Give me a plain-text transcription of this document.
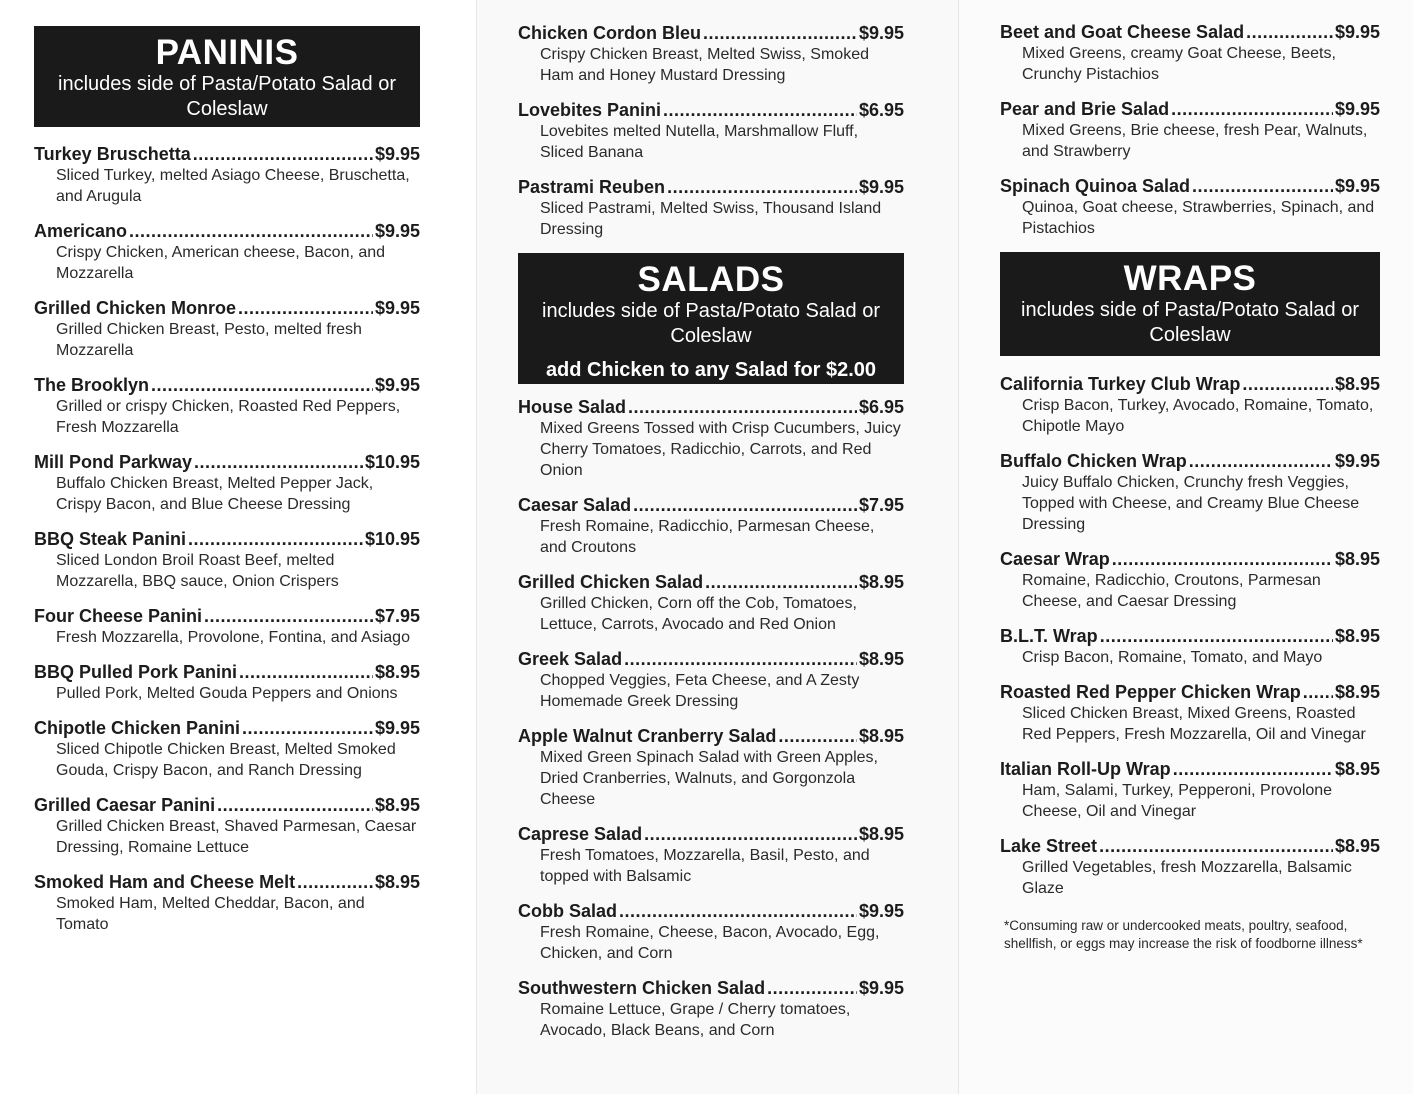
PANINIS
includes side of Pasta/Potato Salad or Coleslaw
Turkey Bruschetta .....	$9.95
Sliced Turkey, melted Asiago Cheese, Bruschetta, and Arugula
Americano .....	$9.95
Crispy Chicken, American cheese, Bacon, and Mozzarella
Grilled Chicken Monroe .....	$9.95
Grilled Chicken Breast, Pesto, melted fresh Mozzarella
The Brooklyn .....	$9.95
Grilled or crispy Chicken, Roasted Red Peppers, Fresh Mozzarella
Mill Pond Parkway .....	$10.95
Buffalo Chicken Breast, Melted Pepper Jack, Crispy Bacon, and Blue Cheese Dressing
BBQ Steak Panini .....	$10.95
Sliced London Broil Roast Beef, melted Mozzarella, BBQ sauce, Onion Crispers
Four Cheese Panini .....	$7.95
Fresh Mozzarella, Provolone, Fontina, and Asiago
BBQ Pulled Pork Panini .....	$8.95
Pulled Pork, Melted Gouda Peppers and Onions
Chipotle Chicken Panini .....	$9.95
Sliced Chipotle Chicken Breast, Melted Smoked Gouda, Crispy Bacon, and Ranch Dressing
Grilled Caesar Panini .....	$8.95
Grilled Chicken Breast, Shaved Parmesan, Caesar Dressing, Romaine Lettuce
Smoked Ham and Cheese Melt .....	$8.95
Smoked Ham, Melted Cheddar, Bacon, and Tomato
Chicken Cordon Bleu .....	$9.95
Crispy Chicken Breast, Melted Swiss, Smoked Ham and Honey Mustard Dressing
Lovebites Panini .....	$6.95
Lovebites melted Nutella, Marshmallow Fluff, Sliced Banana
Pastrami Reuben .....	$9.95
Sliced Pastrami, Melted Swiss, Thousand Island Dressing
SALADS
includes side of Pasta/Potato Salad or Coleslaw
add Chicken to any Salad for $2.00
House Salad .....	$6.95
Mixed Greens Tossed with Crisp Cucumbers, Juicy Cherry Tomatoes, Radicchio, Carrots, and Red Onion
Caesar Salad .....	$7.95
Fresh Romaine, Radicchio, Parmesan Cheese, and Croutons
Grilled Chicken Salad .....	$8.95
Grilled Chicken, Corn off the Cob, Tomatoes, Lettuce, Carrots, Avocado and Red Onion
Greek Salad .....	$8.95
Chopped Veggies, Feta Cheese, and A Zesty Homemade Greek Dressing
Apple Walnut Cranberry Salad .....	$8.95
Mixed Green Spinach Salad with Green Apples, Dried Cranberries, Walnuts, and Gorgonzola Cheese
Caprese Salad .....	$8.95
Fresh Tomatoes, Mozzarella, Basil, Pesto, and topped with Balsamic
Cobb Salad .....	$9.95
Fresh Romaine, Cheese, Bacon, Avocado, Egg, Chicken, and Corn
Southwestern Chicken Salad .....	$9.95
Romaine Lettuce, Grape / Cherry tomatoes, Avocado, Black Beans, and Corn
Beet and Goat Cheese Salad .....	$9.95
Mixed Greens, creamy Goat Cheese, Beets, Crunchy Pistachios
Pear and Brie Salad .....	$9.95
Mixed Greens, Brie cheese, fresh Pear, Walnuts, and Strawberry
Spinach Quinoa Salad .....	$9.95
Quinoa, Goat cheese, Strawberries, Spinach, and Pistachios
WRAPS
includes side of Pasta/Potato Salad or Coleslaw
California Turkey Club Wrap .....	$8.95
Crisp Bacon, Turkey, Avocado, Romaine, Tomato, Chipotle Mayo
Buffalo Chicken Wrap .....	$9.95
Juicy Buffalo Chicken, Crunchy fresh Veggies, Topped with Cheese, and Creamy Blue Cheese Dressing
Caesar Wrap .....	$8.95
Romaine, Radicchio, Croutons, Parmesan Cheese, and Caesar Dressing
B.L.T. Wrap .....	$8.95
Crisp Bacon, Romaine, Tomato, and Mayo
Roasted Red Pepper Chicken Wrap ..... $8.95
Sliced Chicken Breast, Mixed Greens, Roasted Red Peppers, Fresh Mozzarella, Oil and Vinegar
Italian Roll-Up Wrap .....	$8.95
Ham, Salami, Turkey, Pepperoni, Provolone Cheese, Oil and Vinegar
Lake Street .....	$8.95
Grilled Vegetables, fresh Mozzarella, Balsamic Glaze
*Consuming raw or undercooked meats, poultry, seafood, shellfish, or eggs may increase the risk of foodborne illness*
